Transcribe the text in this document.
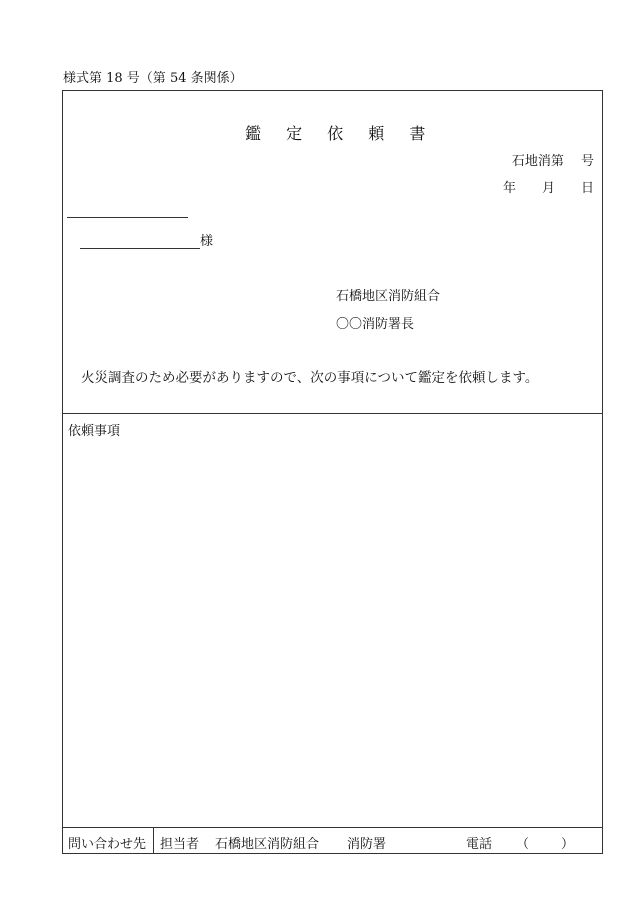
様式第 18 号（第 54 条関係）
鑑 定 依 頼 書
石地消第　 号
年　　月　　日
様
石橋地区消防組合
〇〇消防署長
火災調査のため必要がありますので、次の事項について鑑定を依頼します。
依頼事項
問い合わせ先 担当者 石橋地区消防組合 消防署	電話 （ ）
